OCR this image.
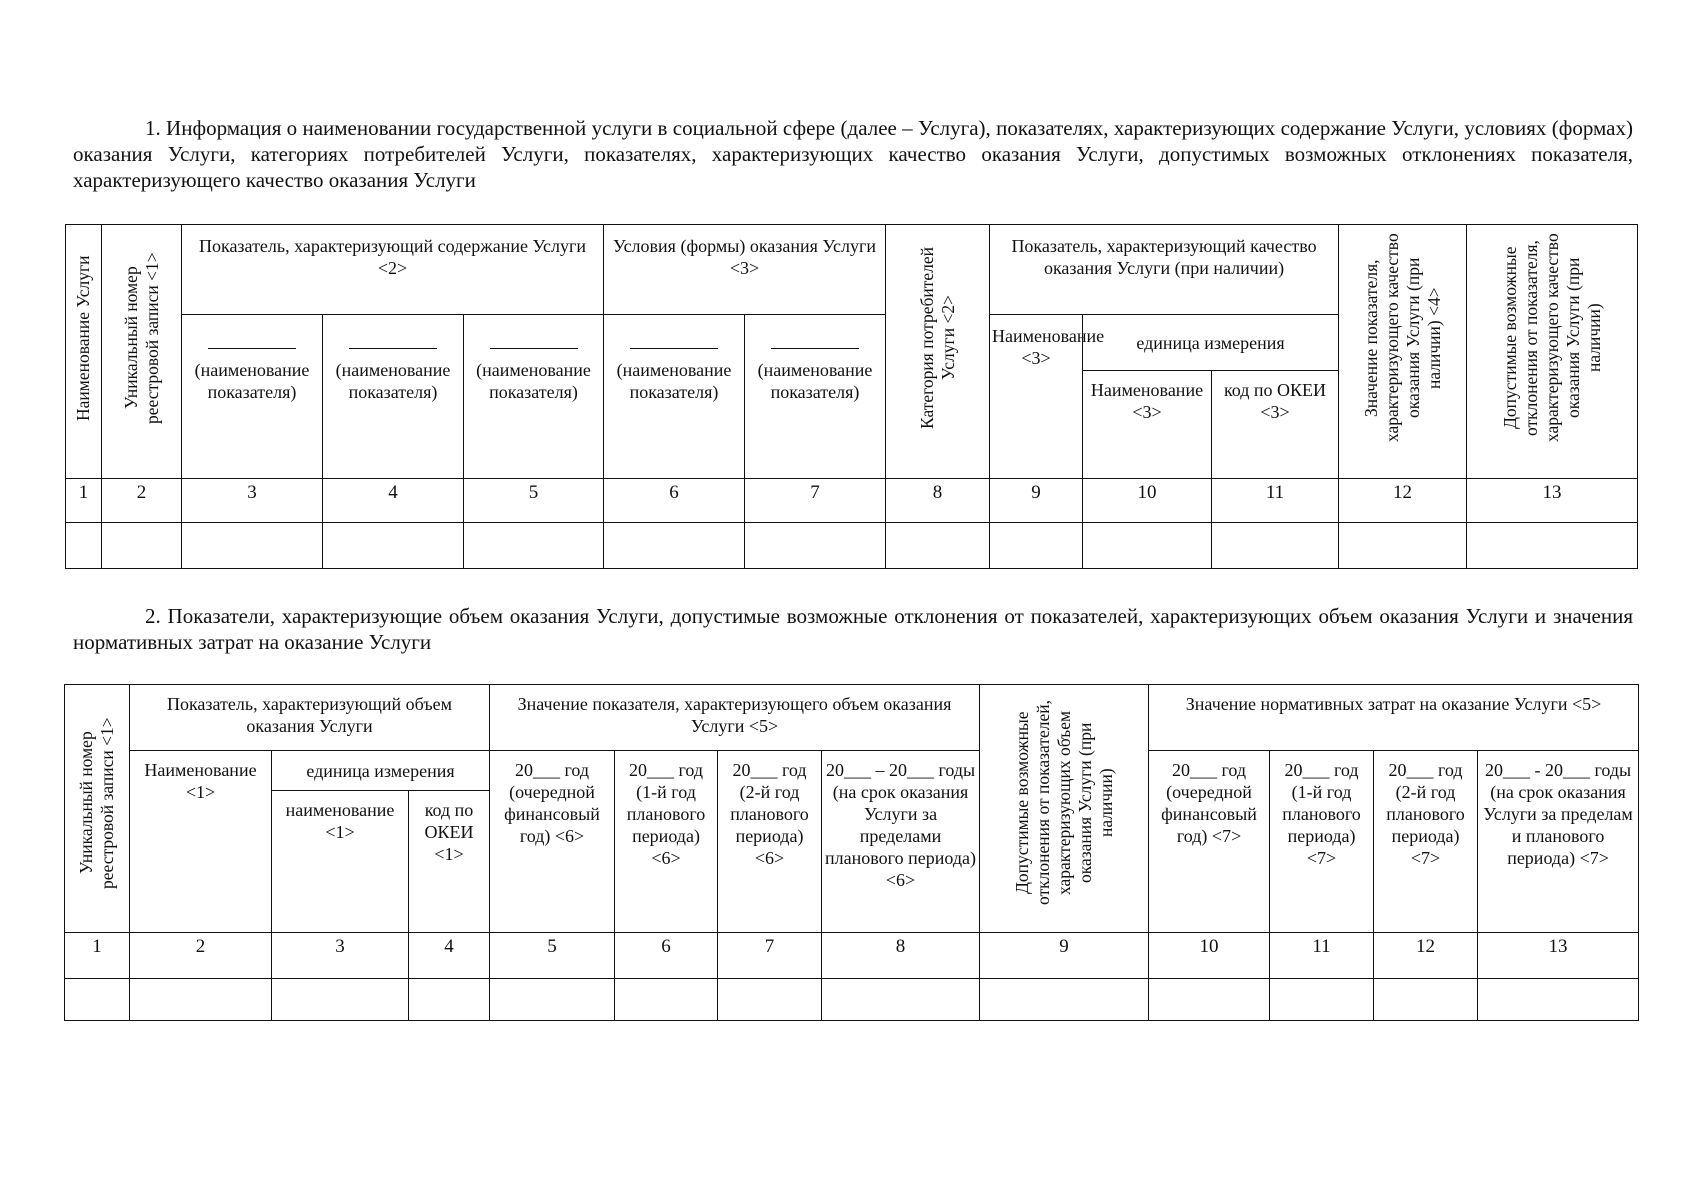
1. Информация о наименовании государственной услуги в социальной сфере (далее – Услуга), показателях, характеризующих содержание Услуги, условиях (формах) оказания Услуги, категориях потребителей Услуги, показателях, характеризующих качество оказания Услуги, допустимых возможных отклонениях показателя, характеризующего качество оказания Услуги

Наименование Услуги	Уникальный номер реестровой записи <1>	Показатель, характеризующий содержание Услуги <2>			Условия (формы) оказания Услуги <3>		Категория потребителей Услуги <2>	Показатель, характеризующий качество оказания Услуги (при наличии)			Значение показателя, характеризующего качество оказания Услуги (при наличии) <4>	Допустимые возможные отклонения от показателя, характеризующего качество оказания Услуги (при наличии)

		(наименование показателя)	(наименование показателя)	(наименование показателя)	(наименование показателя)	(наименование показателя)		Наименование <3>	единица измерения			
									Наименование <3>	код по ОКЕИ <3>		
1	2	3	4	5	6	7	8	9	10	11	12	13

2. Показатели, характеризующие объем оказания Услуги, допустимые возможные отклонения от показателей, характеризующих объем оказания Услуги и значения нормативных затрат на оказание Услуги

Уникальный номер реестровой записи <1>	Показатель, характеризующий объем оказания Услуги			Значение показателя, характеризующего объем оказания Услуги <5>				Допустимые возможные отклонения от показателей, характеризующих объем оказания Услуги (при наличии)	Значение нормативных затрат на оказание Услуги <5>			
	Наименование <1>	единица измерения		20___ год (очередной финансовый год) <6>	20___ год (1-й год планового периода) <6>	20___ год (2-й год планового периода) <6>	20___ – 20___ годы (на срок оказания Услуги за пределами планового периода) <6>		20___ год (очередной финансовый год) <7>	20___ год (1-й год планового периода) <7>	20___ год (2-й год планового периода) <7>	20___ - 20___ годы (на срок оказания Услуги за пределам и планового периода) <7>
		наименование <1>	код по ОКЕИ <1>									
1	2	3	4	5	6	7	8	9	10	11	12	13
